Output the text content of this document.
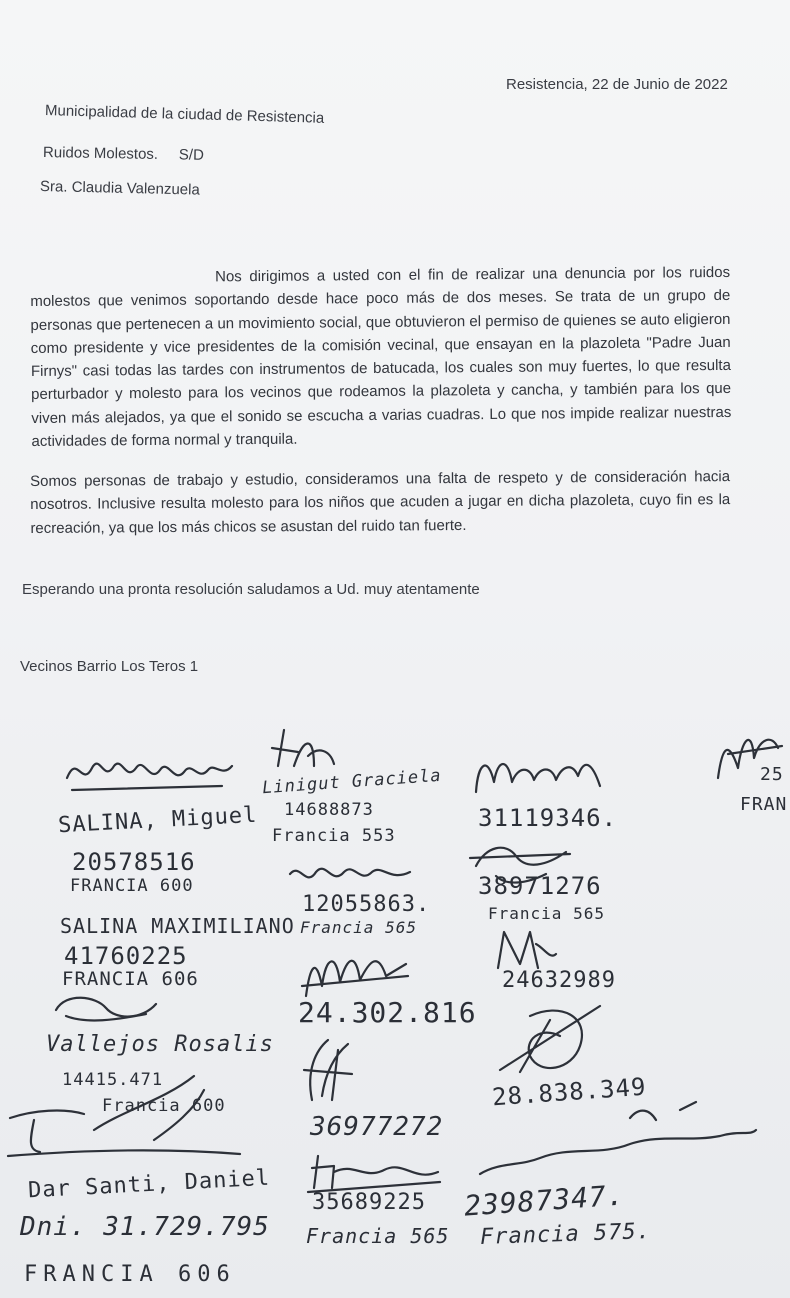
Resistencia, 22 de Junio de 2022
Municipalidad de la ciudad de Resistencia
Ruidos Molestos.     S/D
Sra. Claudia Valenzuela

Nos dirigimos a usted con el fin de realizar una denuncia por los ruidos molestos que venimos soportando desde hace poco más de dos meses. Se trata de un grupo de personas que pertenecen a un movimiento social, que obtuvieron el permiso de quienes se auto eligieron como presidente y vice presidentes de la comisión vecinal, que ensayan en la plazoleta "Padre Juan Firnys" casi todas las tardes con instrumentos de batucada, los cuales son muy fuertes, lo que resulta perturbador y molesto para los vecinos que rodeamos la plazoleta y cancha, y también para los que viven más alejados, ya que el sonido se escucha a varias cuadras. Lo que nos impide realizar nuestras actividades de forma normal y tranquila.

Somos personas de trabajo y estudio, consideramos una falta de respeto y de consideración hacia nosotros. Inclusive resulta molesto para los niños que acuden a jugar en dicha plazoleta, cuyo fin es la recreación, ya que los más chicos se asustan del ruido tan fuerte.

Esperando una pronta resolución saludamos a Ud. muy atentamente
Vecinos Barrio Los Teros 1
SALINA, Miguel
20578516
FRANCIA 600
SALINA MAXIMILIANO
41760225
FRANCIA 606
Vallejos Rosalis
14415.471
Francia 600
Dar Santi, Daniel
Dni. 31.729.795
FRANCIA 606
Linigut Graciela
14688873
Francia 553
12055863.
Francia 565
24.302.816
36977272
35689225
Francia 565
31119346.
38971276
Francia 565
24632989
28.838.349
23987347.
Francia 575.
25
FRAN
